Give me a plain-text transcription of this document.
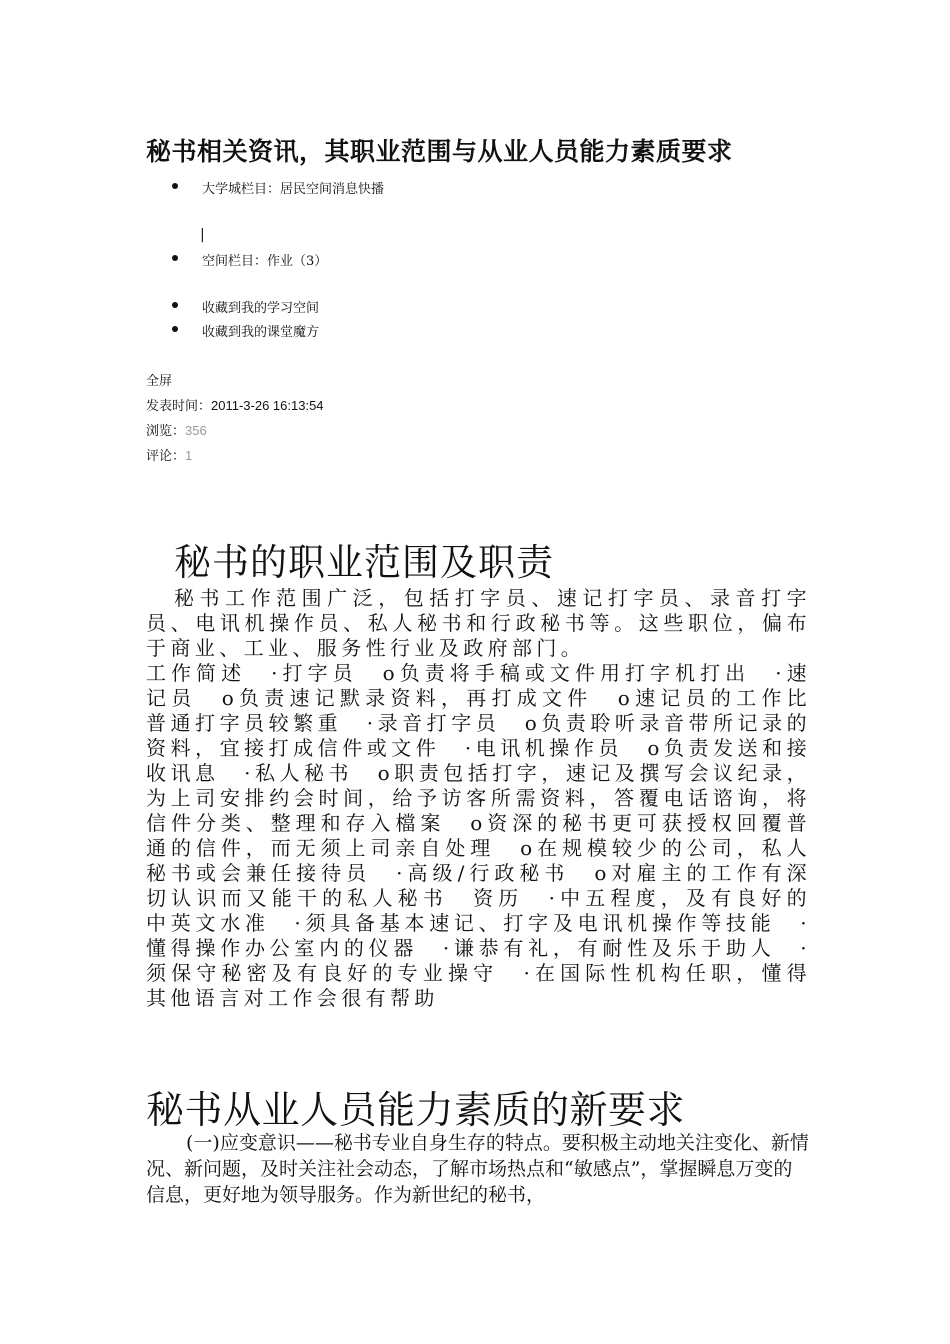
秘书相关资讯，其职业范围与从业人员能力素质要求
大学城栏目：居民空间消息快播
空间栏目：作业（3）
收藏到我的学习空间
收藏到我的课堂魔方
|
全屏
发表时间：2011-3-26 16:13:54
浏览：356
评论：1
秘书的职业范围及职责

秘书工作范围广泛，包括打字员、速记打字员、录音打字员、电讯机操作员、私人秘书和行政秘书等。这些职位，偏布于商业、工业、服务性行业及政府部门。

工作简述　·打字员　o负责将手稿或文件用打字机打出　·速记员　o负责速记默录资料，再打成文件　o速记员的工作比普通打字员较繁重　·录音打字员　o负责聆听录音带所记录的资料，宜接打成信件或文件　·电讯机操作员　o负责发送和接收讯息　·私人秘书　o职责包括打字，速记及撰写会议纪录，为上司安排约会时间，给予访客所需资料，答覆电话谘询，将信件分类、整理和存入檔案　o资深的秘书更可获授权回覆普通的信件，而无须上司亲自处理　o在规模较少的公司，私人秘书或会兼任接待员　·高级/行政秘书　o对雇主的工作有深切认识而又能干的私人秘书　资历　·中五程度，及有良好的中英文水准　·须具备基本速记、打字及电讯机操作等技能　·懂得操作办公室内的仪器　·谦恭有礼，有耐性及乐于助人　·须保守秘密及有良好的专业操守　·在国际性机构任职，懂得其他语言对工作会很有帮助

秘书从业人员能力素质的新要求

(一)应变意识——秘书专业自身生存的特点。要积极主动地关注变化、新情况、新问题，及时关注社会动态，了解市场热点和“敏感点”，掌握瞬息万变的信息，更好地为领导服务。作为新世纪的秘书，
